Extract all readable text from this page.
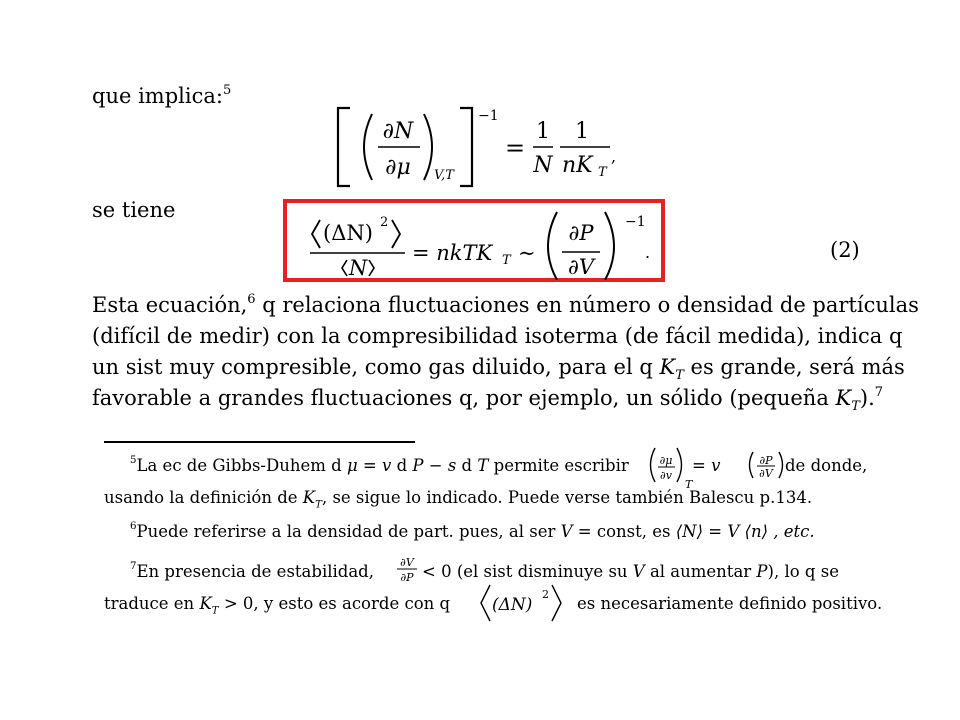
que implica:$^5$
∂N
∂μ V,T
−1
=
1
N
1
nK T
,
se tiene
(ΔN) 2
N
= nkTK T ∼
∂P
∂V
−1
.	(2)
Esta ecuación,$^6$ q relaciona fluctuaciones en número o densidad de partículas
(difícil de medir) con la compresibilidad isoterma (de fácil medida), indica q
un sist muy compresible, como gas diluido, para el q $K_T$ es grande, será más
favorable a grandes fluctuaciones q, por ejemplo, un sólido (pequeña $K_T).^7$
$^5$La ec de Gibbs-Duhem d μ = v d P − s d T permite escribir	∂μ
∂v
T
= v	∂P
∂V de donde,
usando la definición de $K_T$, se sigue lo indicado. Puede verse también Balescu p.134.
$^6$Puede referirse a la densidad de part. pues, al ser V = const, es ⟨N⟩ = V ⟨n⟩ , etc.
$^7$En presencia de estabilidad, ∂V
∂P < 0 (el sist disminuye su V al aumentar P), lo q se
traduce en $K_T > 0$, y esto es acorde con q (ΔN)
2 es necesariamente definido positivo.
